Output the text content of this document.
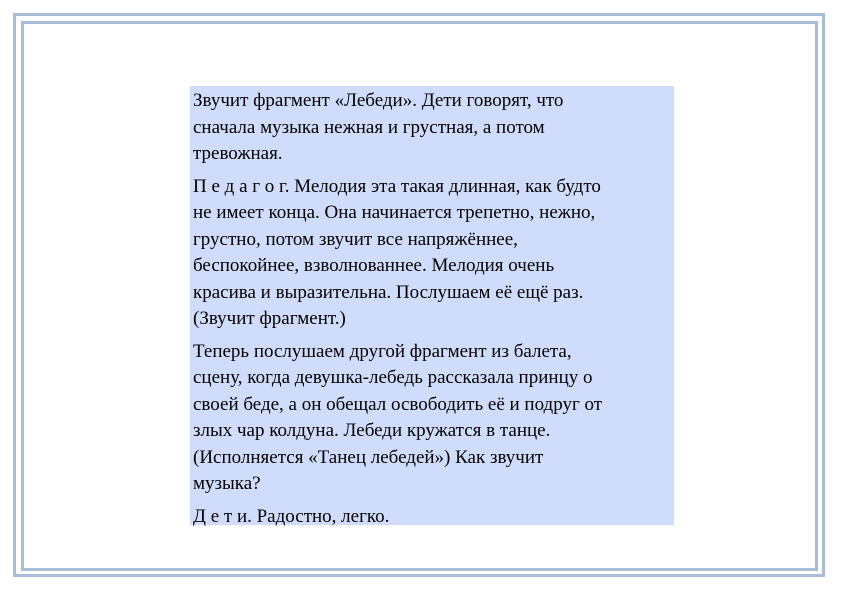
Звучит фрагмент «Лебеди». Дети говорят, что
сначала музыка нежная и грустная, а потом
тревожная.

П е д а г о г. Мелодия эта такая длинная, как будто
не имеет конца. Она начинается трепетно, нежно,
грустно, потом звучит все напряжённее,
беспокойнее, взволнованнее. Мелодия очень
красива и выразительна. Послушаем её ещё раз.
(Звучит фрагмент.)

Теперь послушаем другой фрагмент из балета,
сцену, когда девушка-лебедь рассказала принцу о
своей беде, а он обещал освободить её и подруг от
злых чар колдуна. Лебеди кружатся в танце.
(Исполняется «Танец лебедей») Как звучит
музыка?

Д е т и. Радостно, легко.
